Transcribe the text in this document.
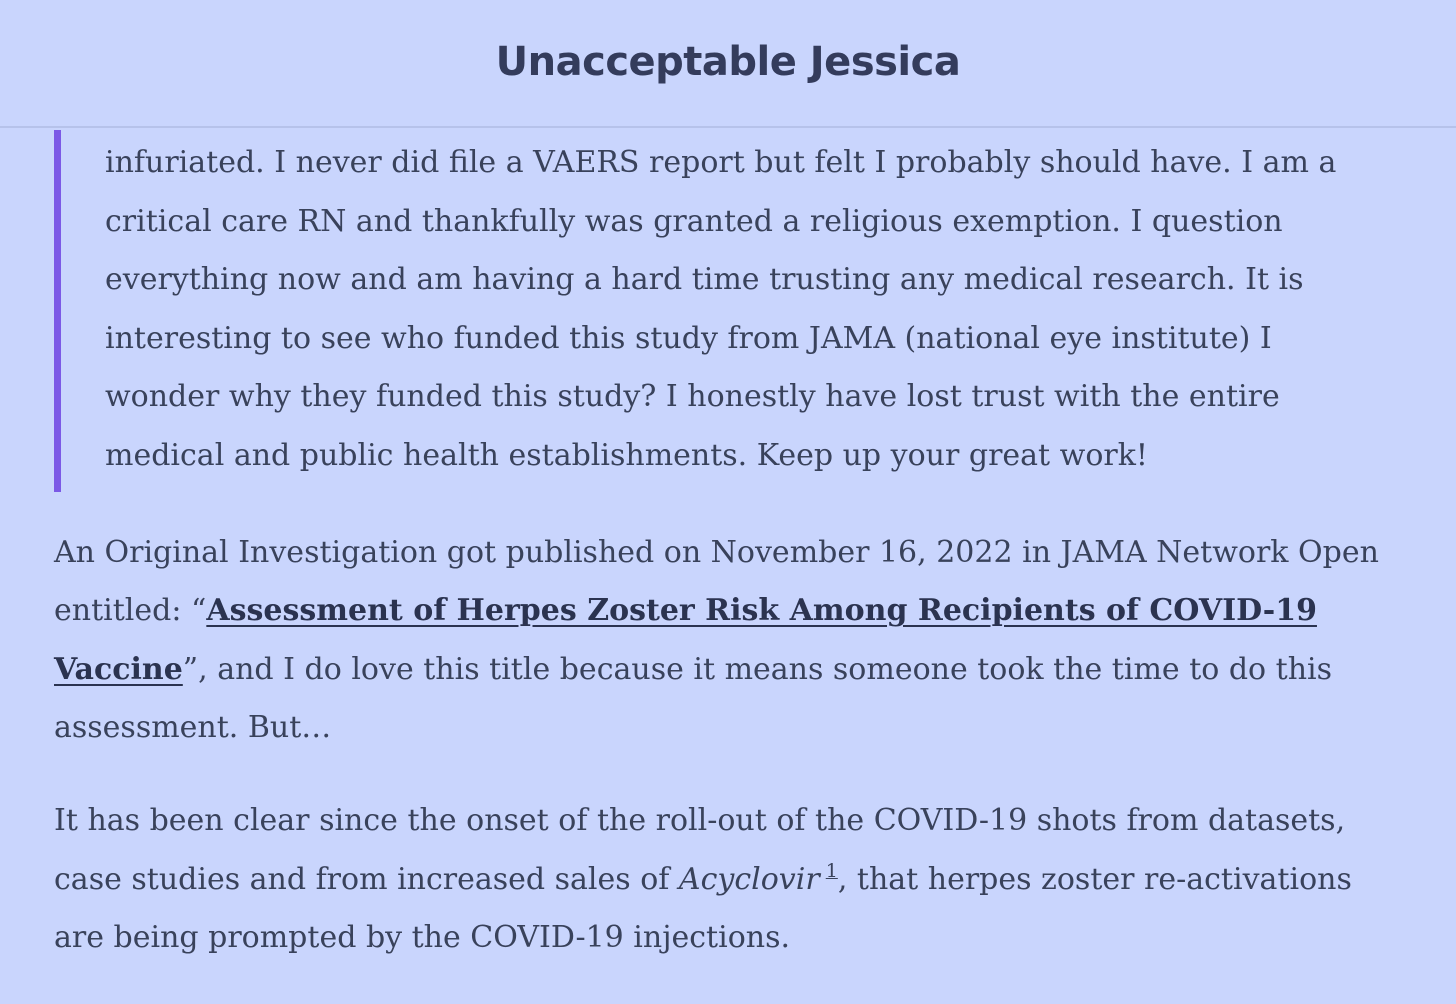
Unacceptable Jessica
infuriated. I never did file a VAERS report but felt I probably should have. I am a critical care RN and thankfully was granted a religious exemption. I question everything now and am having a hard time trusting any medical research. It is interesting to see who funded this study from JAMA (national eye institute) I wonder why they funded this study? I honestly have lost trust with the entire medical and public health establishments. Keep up your great work!

An Original Investigation got published on November 16, 2022 in JAMA Network Open entitled: “Assessment of Herpes Zoster Risk Among Recipients of COVID-19 Vaccine”, and I do love this title because it means someone took the time to do this assessment. But…

It has been clear since the onset of the roll-out of the COVID-19 shots from datasets, case studies and from increased sales of Acyclovir $^1$, that herpes zoster re-activations are being prompted by the COVID-19 injections.
